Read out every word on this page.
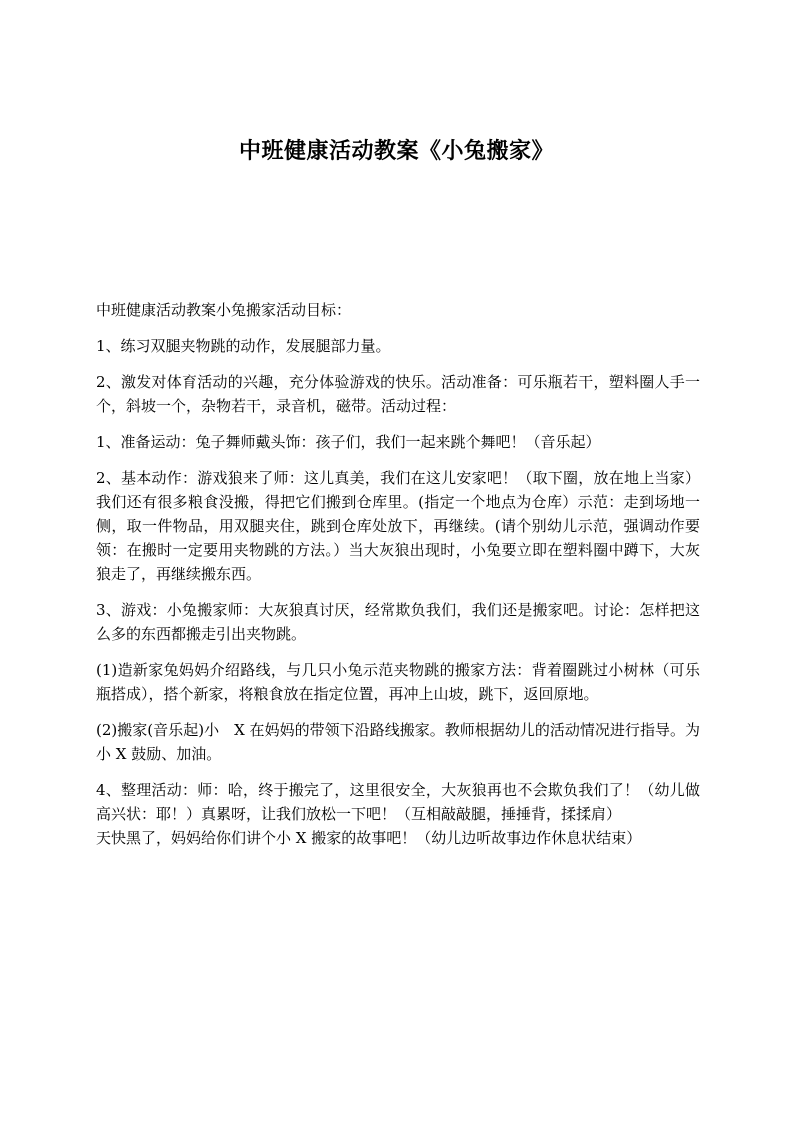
中班健康活动教案《小兔搬家》

中班健康活动教案小兔搬家活动目标：

1、练习双腿夹物跳的动作，发展腿部力量。

2、激发对体育活动的兴趣，充分体验游戏的快乐。活动准备：可乐瓶若干，塑料圈人手一个，斜坡一个，杂物若干，录音机，磁带。活动过程：

1、准备运动：兔子舞师戴头饰：孩子们，我们一起来跳个舞吧！（音乐起）

2、基本动作：游戏狼来了师：这儿真美，我们在这儿安家吧！（取下圈，放在地上当家）我们还有很多粮食没搬，得把它们搬到仓库里。(指定一个地点为仓库）示范：走到场地一侧，取一件物品，用双腿夹住，跳到仓库处放下，再继续。(请个别幼儿示范，强调动作要领：在搬时一定要用夹物跳的方法。）当大灰狼出现时，小兔要立即在塑料圈中蹲下，大灰狼走了，再继续搬东西。

3、游戏：小兔搬家师：大灰狼真讨厌，经常欺负我们，我们还是搬家吧。讨论：怎样把这么多的东西都搬走引出夹物跳。

(1)造新家兔妈妈介绍路线，与几只小兔示范夹物跳的搬家方法：背着圈跳过小树林（可乐瓶搭成），搭个新家，将粮食放在指定位置，再冲上山坡，跳下，返回原地。

(2)搬家(音乐起)小　X 在妈妈的带领下沿路线搬家。教师根据幼儿的活动情况进行指导。为小 X 鼓励、加油。

4、整理活动：师：哈，终于搬完了，这里很安全，大灰狼再也不会欺负我们了！（幼儿做高兴状：耶！）真累呀，让我们放松一下吧！（互相敲敲腿，捶捶背，揉揉肩）

天快黑了，妈妈给你们讲个小 X 搬家的故事吧！（幼儿边听故事边作休息状结束）
